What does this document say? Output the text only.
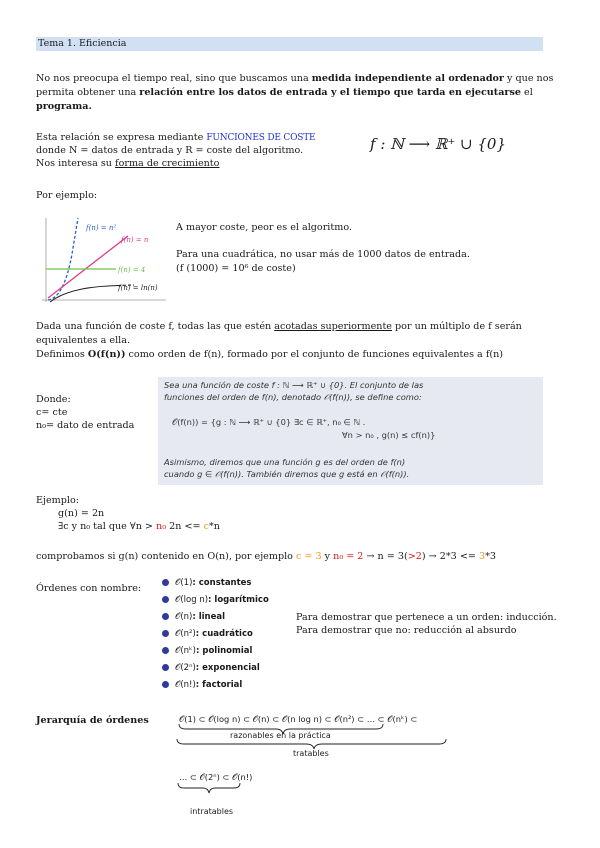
Tema 1. Eficiencia
No nos preocupa el tiempo real, sino que buscamos una medida independiente al ordenador y que nos
permita obtener una relación entre los datos de entrada y el tiempo que tarda en ejecutarse el
programa.
Esta relación se expresa mediante FUNCIONES DE COSTE
donde N = datos de entrada y R = coste del algoritmo.
Nos interesa su forma de crecimiento
f : ℕ ⟶ ℝ⁺ ∪ {0}
Por ejemplo:
f(n) = n²
f(n) = n
f(n) = 4
f(n) = ln(n)
A mayor coste, peor es el algoritmo.
Para una cuadrática, no usar más de 1000 datos de entrada.
(f (1000) = 10⁶ de coste)
Dada una función de coste f, todas las que estén acotadas superiormente por un múltiplo de f serán
equivalentes a ella.
Definimos O(f(n)) como orden de f(n), formado por el conjunto de funciones equivalentes a f(n)
Donde:
c= cte
n₀= dato de entrada
Sea una función de coste f : ℕ ⟶ ℝ⁺ ∪ {0}. El conjunto de las
funciones del orden de f(n), denotado 𝒪(f(n)), se define como:
𝒪(f(n)) = {g : ℕ ⟶ ℝ⁺ ∪ {0} ∃c ∈ ℝ⁺, n₀ ∈ ℕ .
∀n > n₀ , g(n) ≤ cf(n)}
Asimismo, diremos que una función g es del orden de f(n)
cuando g ∈ 𝒪(f(n)). También diremos que g está en 𝒪(f(n)).
Ejemplo:
g(n) = 2n
∃c y n₀ tal que ∀n > n₀ 2n <= c*n
comprobamos si g(n) contenido en O(n), por ejemplo c = 3 y n₀ = 2 → n = 3(>2) → 2*3 <= 3*3
Órdenes con nombre:	𝒪(1): constantes
𝒪(log n): logarítmico
𝒪(n): lineal
𝒪(n²): cuadrático
𝒪(nᵏ): polinomial
𝒪(2ⁿ): exponencial
𝒪(n!): factorial
Para demostrar que pertenece a un orden: inducción.
Para demostrar que no: reducción al absurdo
Jerarquía de órdenes	𝒪(1) ⊂ 𝒪(log n) ⊂ 𝒪(n) ⊂ 𝒪(n log n) ⊂ 𝒪(n²) ⊂ … ⊂ 𝒪(nᵏ) ⊂
razonables en la práctica
tratables
… ⊂ 𝒪(2ⁿ) ⊂ 𝒪(n!)
intratables
